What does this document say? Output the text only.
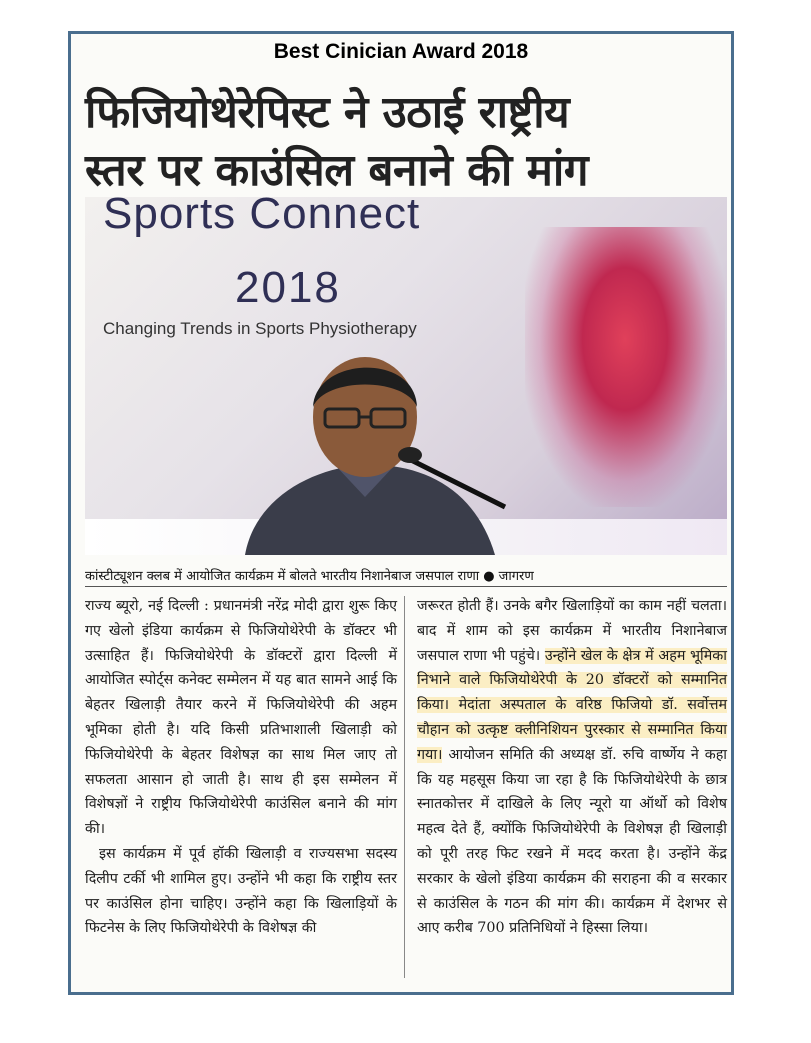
Best Cinician Award 2018
फिजियोथेरेपिस्ट ने उठाई राष्ट्रीय
स्तर पर काउंसिल बनाने की मांग
Sports Connect
2018
Changing Trends in Sports Physiotherapy
कांस्टीट्यूशन क्लब में आयोजित कार्यक्रम में बोलते भारतीय निशानेबाज जसपाल राणा ● जागरण

राज्य ब्यूरो, नई दिल्ली : प्रधानमंत्री नरेंद्र मोदी द्वारा शुरू किए गए खेलो इंडिया कार्यक्रम से फिजियोथेरेपी के डॉक्टर भी उत्साहित हैं। फिजियोथेरेपी के डॉक्टरों द्वारा दिल्ली में आयोजित स्पोर्ट्स कनेक्ट सम्मेलन में यह बात सामने आई कि बेहतर खिलाड़ी तैयार करने में फिजियोथेरेपी की अहम भूमिका होती है। यदि किसी प्रतिभाशाली खिलाड़ी को फिजियोथेरेपी के बेहतर विशेषज्ञ का साथ मिल जाए तो सफलता आसान हो जाती है। साथ ही इस सम्मेलन में विशेषज्ञों ने राष्ट्रीय फिजियोथेरेपी काउंसिल बनाने की मांग की।

इस कार्यक्रम में पूर्व हॉकी खिलाड़ी व राज्यसभा सदस्य दिलीप टर्की भी शामिल हुए। उन्होंने भी कहा कि राष्ट्रीय स्तर पर काउंसिल होना चाहिए। उन्होंने कहा कि खिलाड़ियों के फिटनेस के लिए फिजियोथेरेपी के विशेषज्ञ की

जरूरत होती हैं। उनके बगैर खिलाड़ियों का काम नहीं चलता। बाद में शाम को इस कार्यक्रम में भारतीय निशानेबाज जसपाल राणा भी पहुंचे। उन्होंने खेल के क्षेत्र में अहम भूमिका निभाने वाले फिजियोथेरेपी के 20 डॉक्टरों को सम्मानित किया। मेदांता अस्पताल के वरिष्ठ फिजियो डॉ. सर्वोत्तम चौहान को उत्कृष्ट क्लीनिशियन पुरस्कार से सम्मानित किया गया। आयोजन समिति की अध्यक्ष डॉ. रुचि वार्ष्णेय ने कहा कि यह महसूस किया जा रहा है कि फिजियोथेरेपी के छात्र स्नातकोत्तर में दाखिले के लिए न्यूरो या ऑर्थो को विशेष महत्व देते हैं, क्योंकि फिजियोथेरेपी के विशेषज्ञ ही खिलाड़ी को पूरी तरह फिट रखने में मदद करता है। उन्होंने केंद्र सरकार के खेलो इंडिया कार्यक्रम की सराहना की व सरकार से काउंसिल के गठन की मांग की। कार्यक्रम में देशभर से आए करीब 700 प्रतिनिधियों ने हिस्सा लिया।
